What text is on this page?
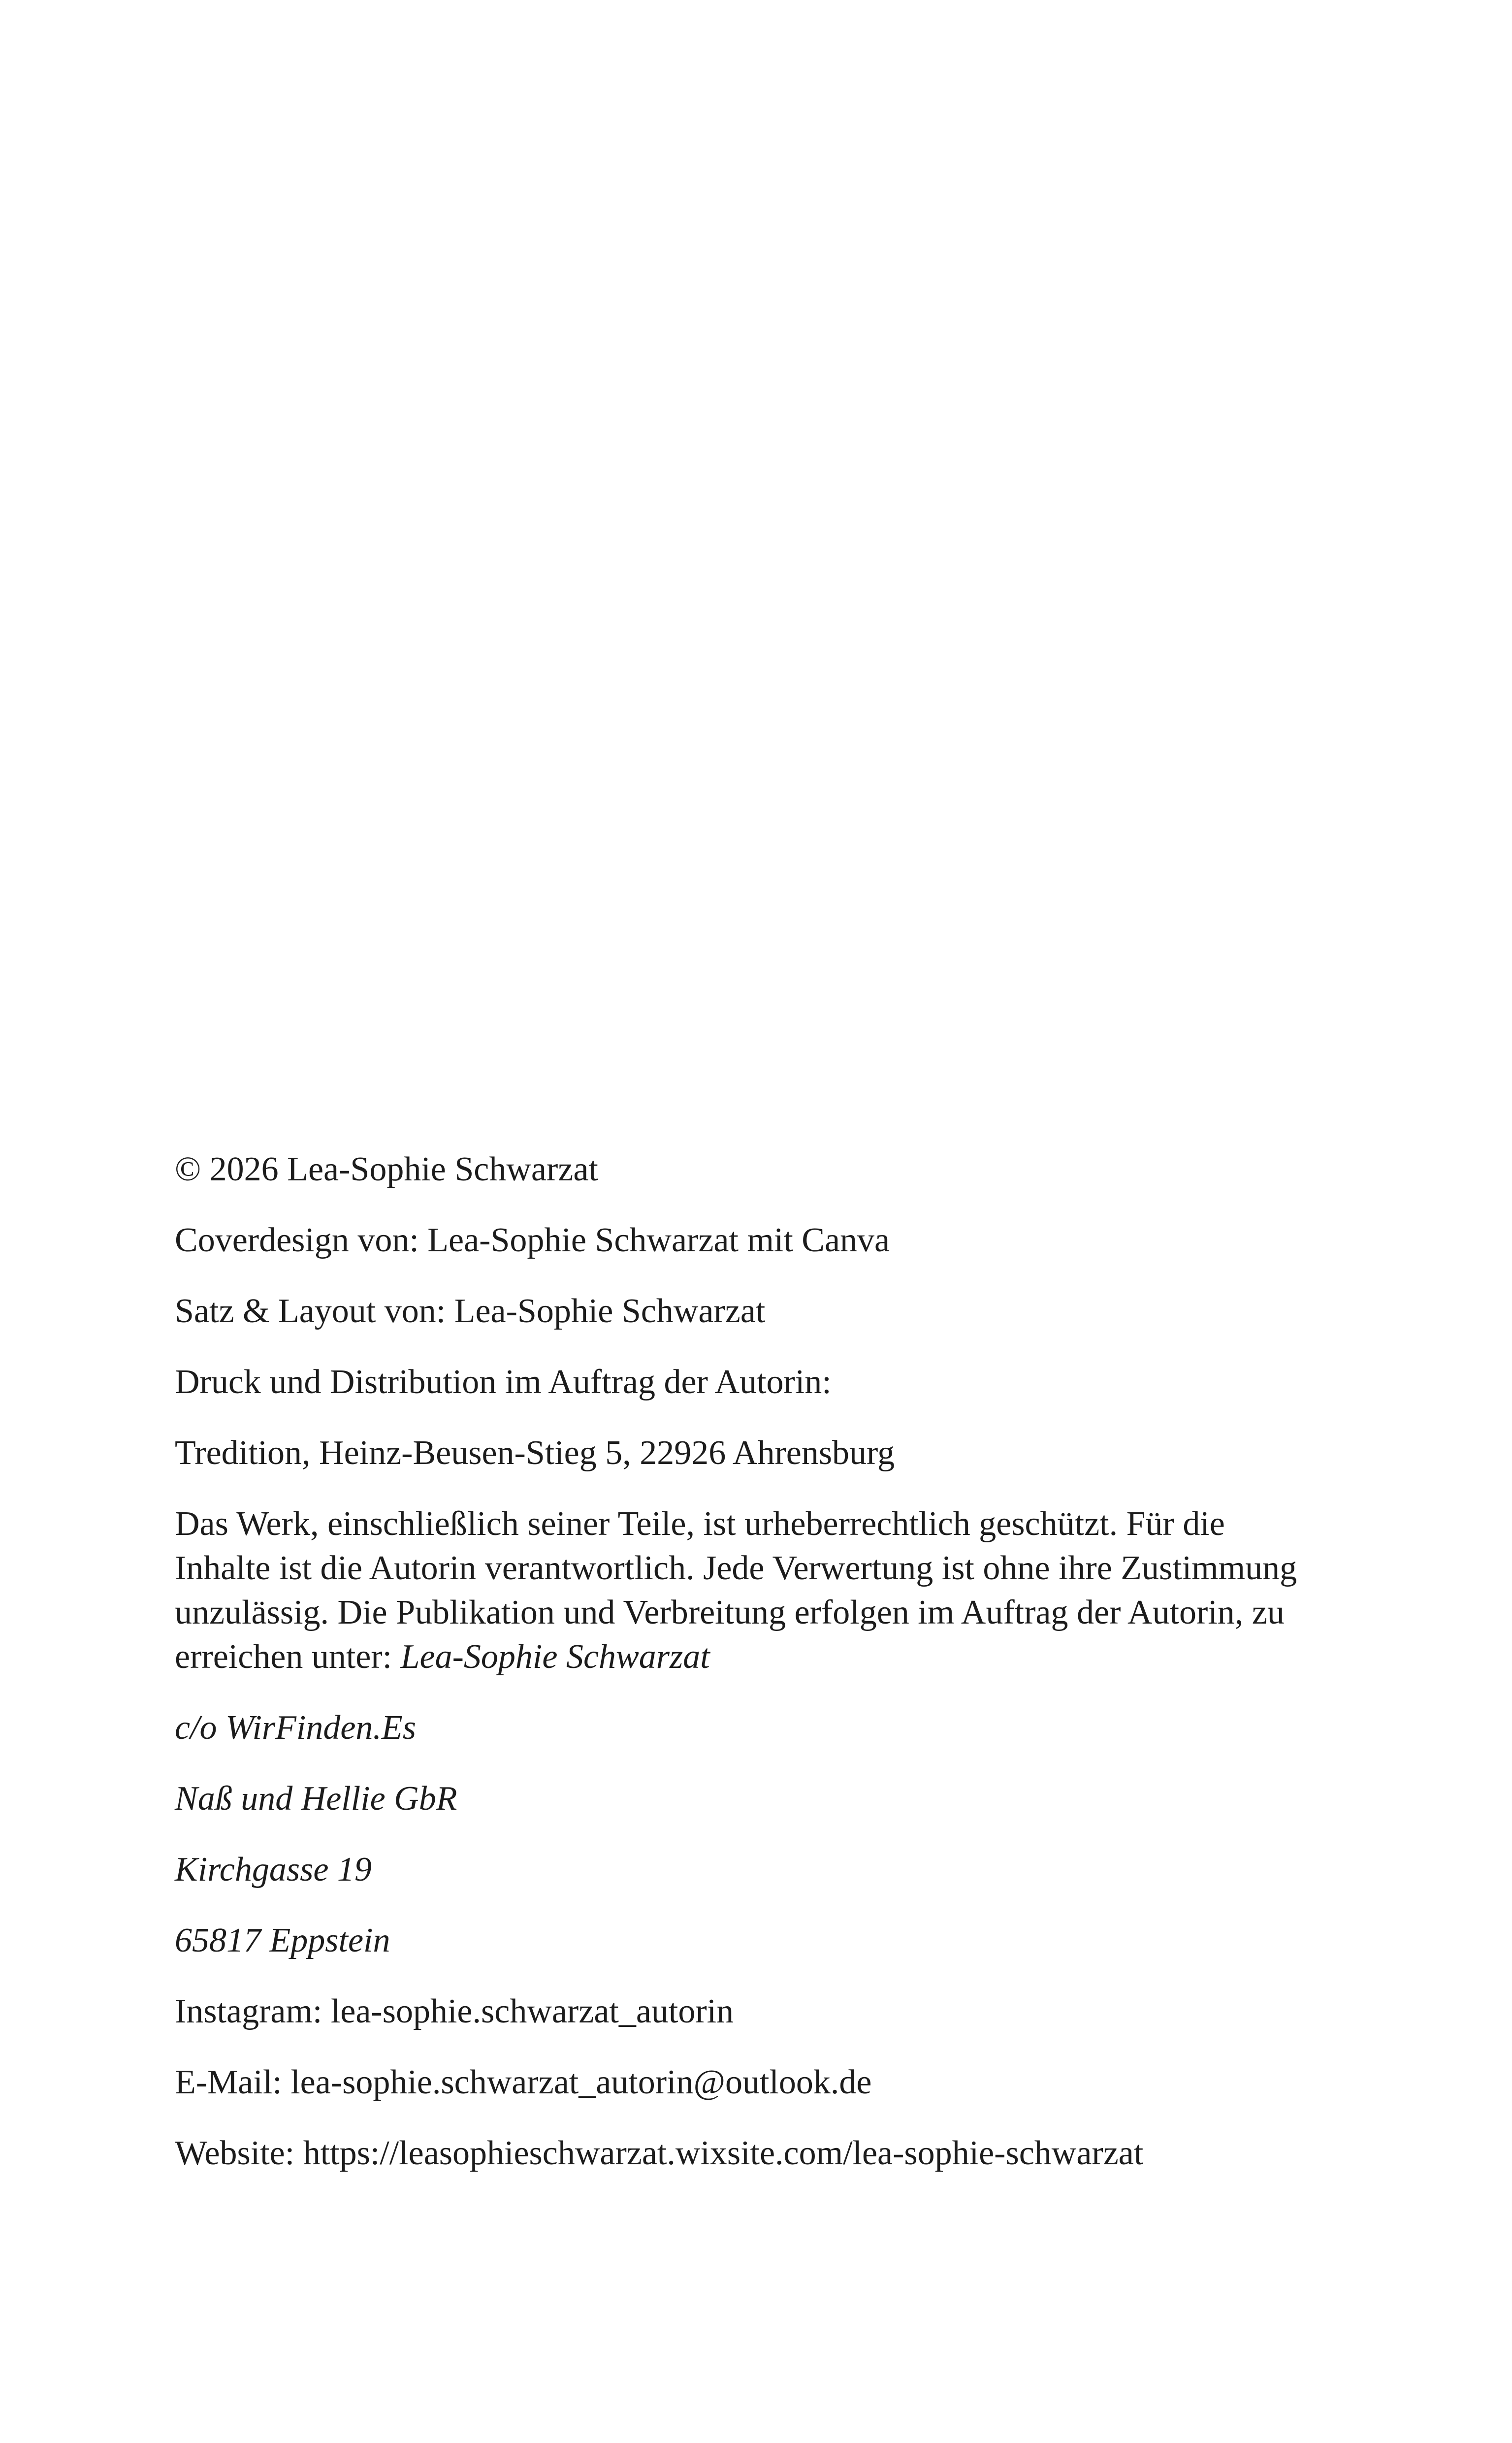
© 2026 Lea-Sophie Schwarzat

Coverdesign von: Lea-Sophie Schwarzat mit Canva

Satz & Layout von: Lea-Sophie Schwarzat

Druck und Distribution im Auftrag der Autorin:

Tredition, Heinz-Beusen-Stieg 5, 22926 Ahrensburg

Das Werk, einschließlich seiner Teile, ist urheberrechtlich geschützt. Für die
Inhalte ist die Autorin verantwortlich. Jede Verwertung ist ohne ihre Zustimmung
unzulässig. Die Publikation und Verbreitung erfolgen im Auftrag der Autorin, zu
erreichen unter: Lea-Sophie Schwarzat

c/o WirFinden.Es

Naß und Hellie GbR

Kirchgasse 19

65817 Eppstein

Instagram: lea-sophie.schwarzat_autorin

E-Mail: lea-sophie.schwarzat_autorin@outlook.de

Website: https://leasophieschwarzat.wixsite.com/lea-sophie-schwarzat
